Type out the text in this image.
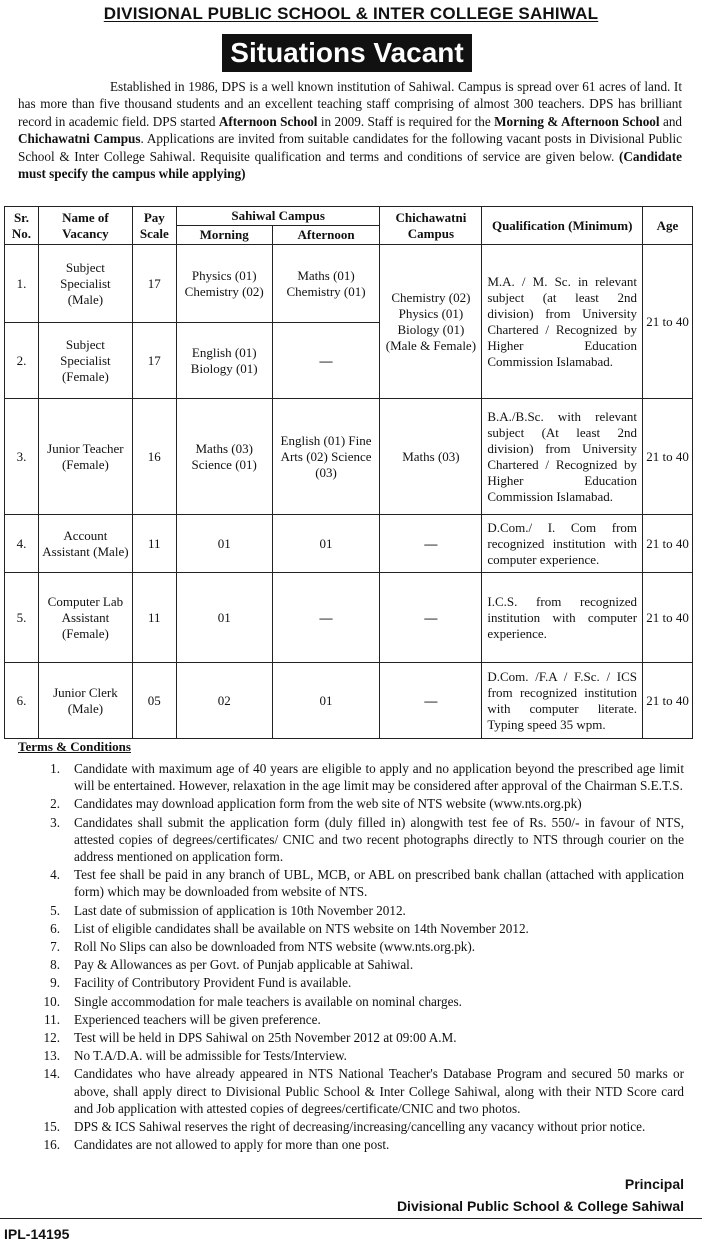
DIVISIONAL PUBLIC SCHOOL & INTER COLLEGE SAHIWAL
Situations Vacant

Established in 1986, DPS is a well known institution of Sahiwal. Campus is spread over 61 acres of land. It has more than five thousand students and an excellent teaching staff comprising of almost 300 teachers. DPS has brilliant record in academic field. DPS started Afternoon School in 2009. Staff is required for the Morning & Afternoon School and Chichawatni Campus. Applications are invited from suitable candidates for the following vacant posts in Divisional Public School & Inter College Sahiwal. Requisite qualification and terms and conditions of service are given below. (Candidate must specify the campus while applying)

Sr. No.	Name of Vacancy	Pay Scale	Sahiwal Campus		Chichawatni Campus	Qualification (Minimum)	Age
			Morning	Afternoon			
1.	Subject Specialist (Male)	17	Physics (01) Chemistry (02)	Maths (01) Chemistry (01)	Chemistry (02) Physics (01) Biology (01) (Male & Female)	M.A. / M. Sc. in relevant subject (at least 2nd division) from University Chartered / Recognized by Higher Education Commission Islamabad.	21 to 40
2.	Subject Specialist (Female)	17	English (01) Biology (01)	—			
3.	Junior Teacher (Female)	16	Maths (03) Science (01)	English (01) Fine Arts (02) Science (03)	Maths (03)	B.A./B.Sc. with relevant subject (At least 2nd division) from University Chartered / Recognized by Higher Education Commission Islamabad.	21 to 40
4.	Account Assistant (Male)	11	01	01	—	D.Com./ I. Com from recognized institution with computer experience.	21 to 40
5.	Computer Lab Assistant (Female)	11	01	—	—	I.C.S. from recognized institution with computer experience.	21 to 40
6.	Junior Clerk (Male)	05	02	01	—	D.Com. /F.A / F.Sc. / ICS from recognized institution with computer literate. Typing speed 35 wpm.	21 to 40
Terms & Conditions
1.	Candidate with maximum age of 40 years are eligible to apply and no application beyond the prescribed age limit will be entertained. However, relaxation in the age limit may be considered after approval of the Chairman S.E.T.S.
2.	Candidates may download application form from the web site of NTS website (www.nts.org.pk)
3.	Candidates shall submit the application form (duly filled in) alongwith test fee of Rs. 550/- in favour of NTS, attested copies of degrees/certificates/ CNIC and two recent photographs directly to NTS through courier on the address mentioned on application form.
4.	Test fee shall be paid in any branch of UBL, MCB, or ABL on prescribed bank challan (attached with application form) which may be downloaded from website of NTS.
5.	Last date of submission of application is 10th November 2012.
6.	List of eligible candidates shall be available on NTS website on 14th November 2012.
7.	Roll No Slips can also be downloaded from NTS website (www.nts.org.pk).
8.	Pay & Allowances as per Govt. of Punjab applicable at Sahiwal.
9.	Facility of Contributory Provident Fund is available.
10.	Single accommodation for male teachers is available on nominal charges.
11.	Experienced teachers will be given preference.
12.	Test will be held in DPS Sahiwal on 25th November 2012 at 09:00 A.M.
13.	No T.A/D.A. will be admissible for Tests/Interview.
14.	Candidates who have already appeared in NTS National Teacher's Database Program and secured 50 marks or above, shall apply direct to Divisional Public School & Inter College Sahiwal, along with their NTD Score card and Job application with attested copies of degrees/certificate/CNIC and two photos.
15.	DPS & ICS Sahiwal reserves the right of decreasing/increasing/cancelling any vacancy without prior notice.
16.	Candidates are not allowed to apply for more than one post.
Principal
Divisional Public School & College Sahiwal
IPL-14195
